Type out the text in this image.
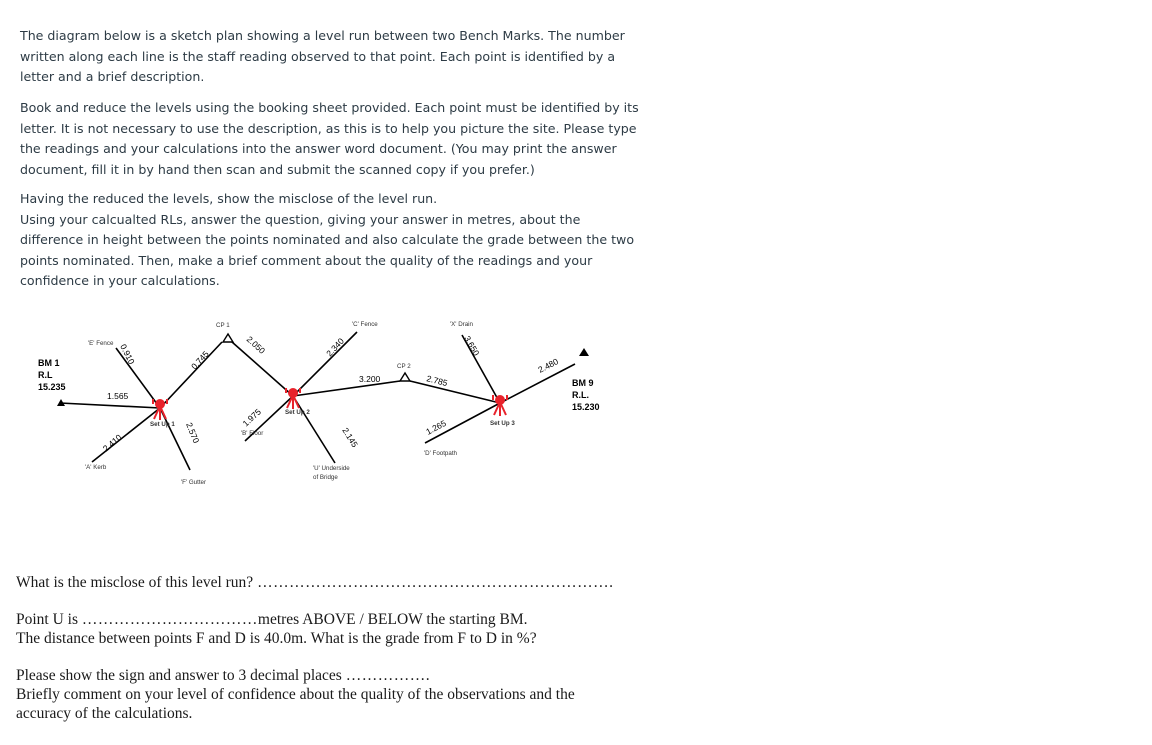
The diagram below is a sketch plan showing a level run between two Bench Marks. The number written along each line is the staff reading observed to that point. Each point is identified by a letter and a brief description.

Book and reduce the levels using the booking sheet provided. Each point must be identified by its letter. It is not necessary to use the description, as this is to help you picture the site. Please type the readings and your calculations into the answer word document. (You may print the answer document, fill it in by hand then scan and submit the scanned copy if you prefer.)

Having the reduced the levels, show the misclose of the level run.

Using your calcualted RLs, answer the question, giving your answer in metres, about the difference in height between the points nominated and also calculate the grade between the two points nominated. Then, make a brief comment about the quality of the readings and your confidence in your calculations.

BM 1
R.L
15.235	BM 9
R.L.
15.230
'E' Fence
'A' Kerb
'F' Gutter
CP 1
'B' Floor
'C' Fence
'U' Underside
of Bridge
CP 2
'X' Drain
'D' Footpath
Set Up 1
Set Up 2
Set Up 3
1.565
0.910
2.410
0.745
2.570
2.050
1.975
2.340
2.145
3.200	2.785
3.650
1.265
2.480
What is the misclose of this level run? ………………………………………………………….
Point U is ……………………………metres ABOVE / BELOW the starting BM.
The distance between points F and D is 40.0m. What is the grade from F to D in %?
Please show the sign and answer to 3 decimal places …………….
Briefly comment on your level of confidence about the quality of the observations and the
accuracy of the calculations.
